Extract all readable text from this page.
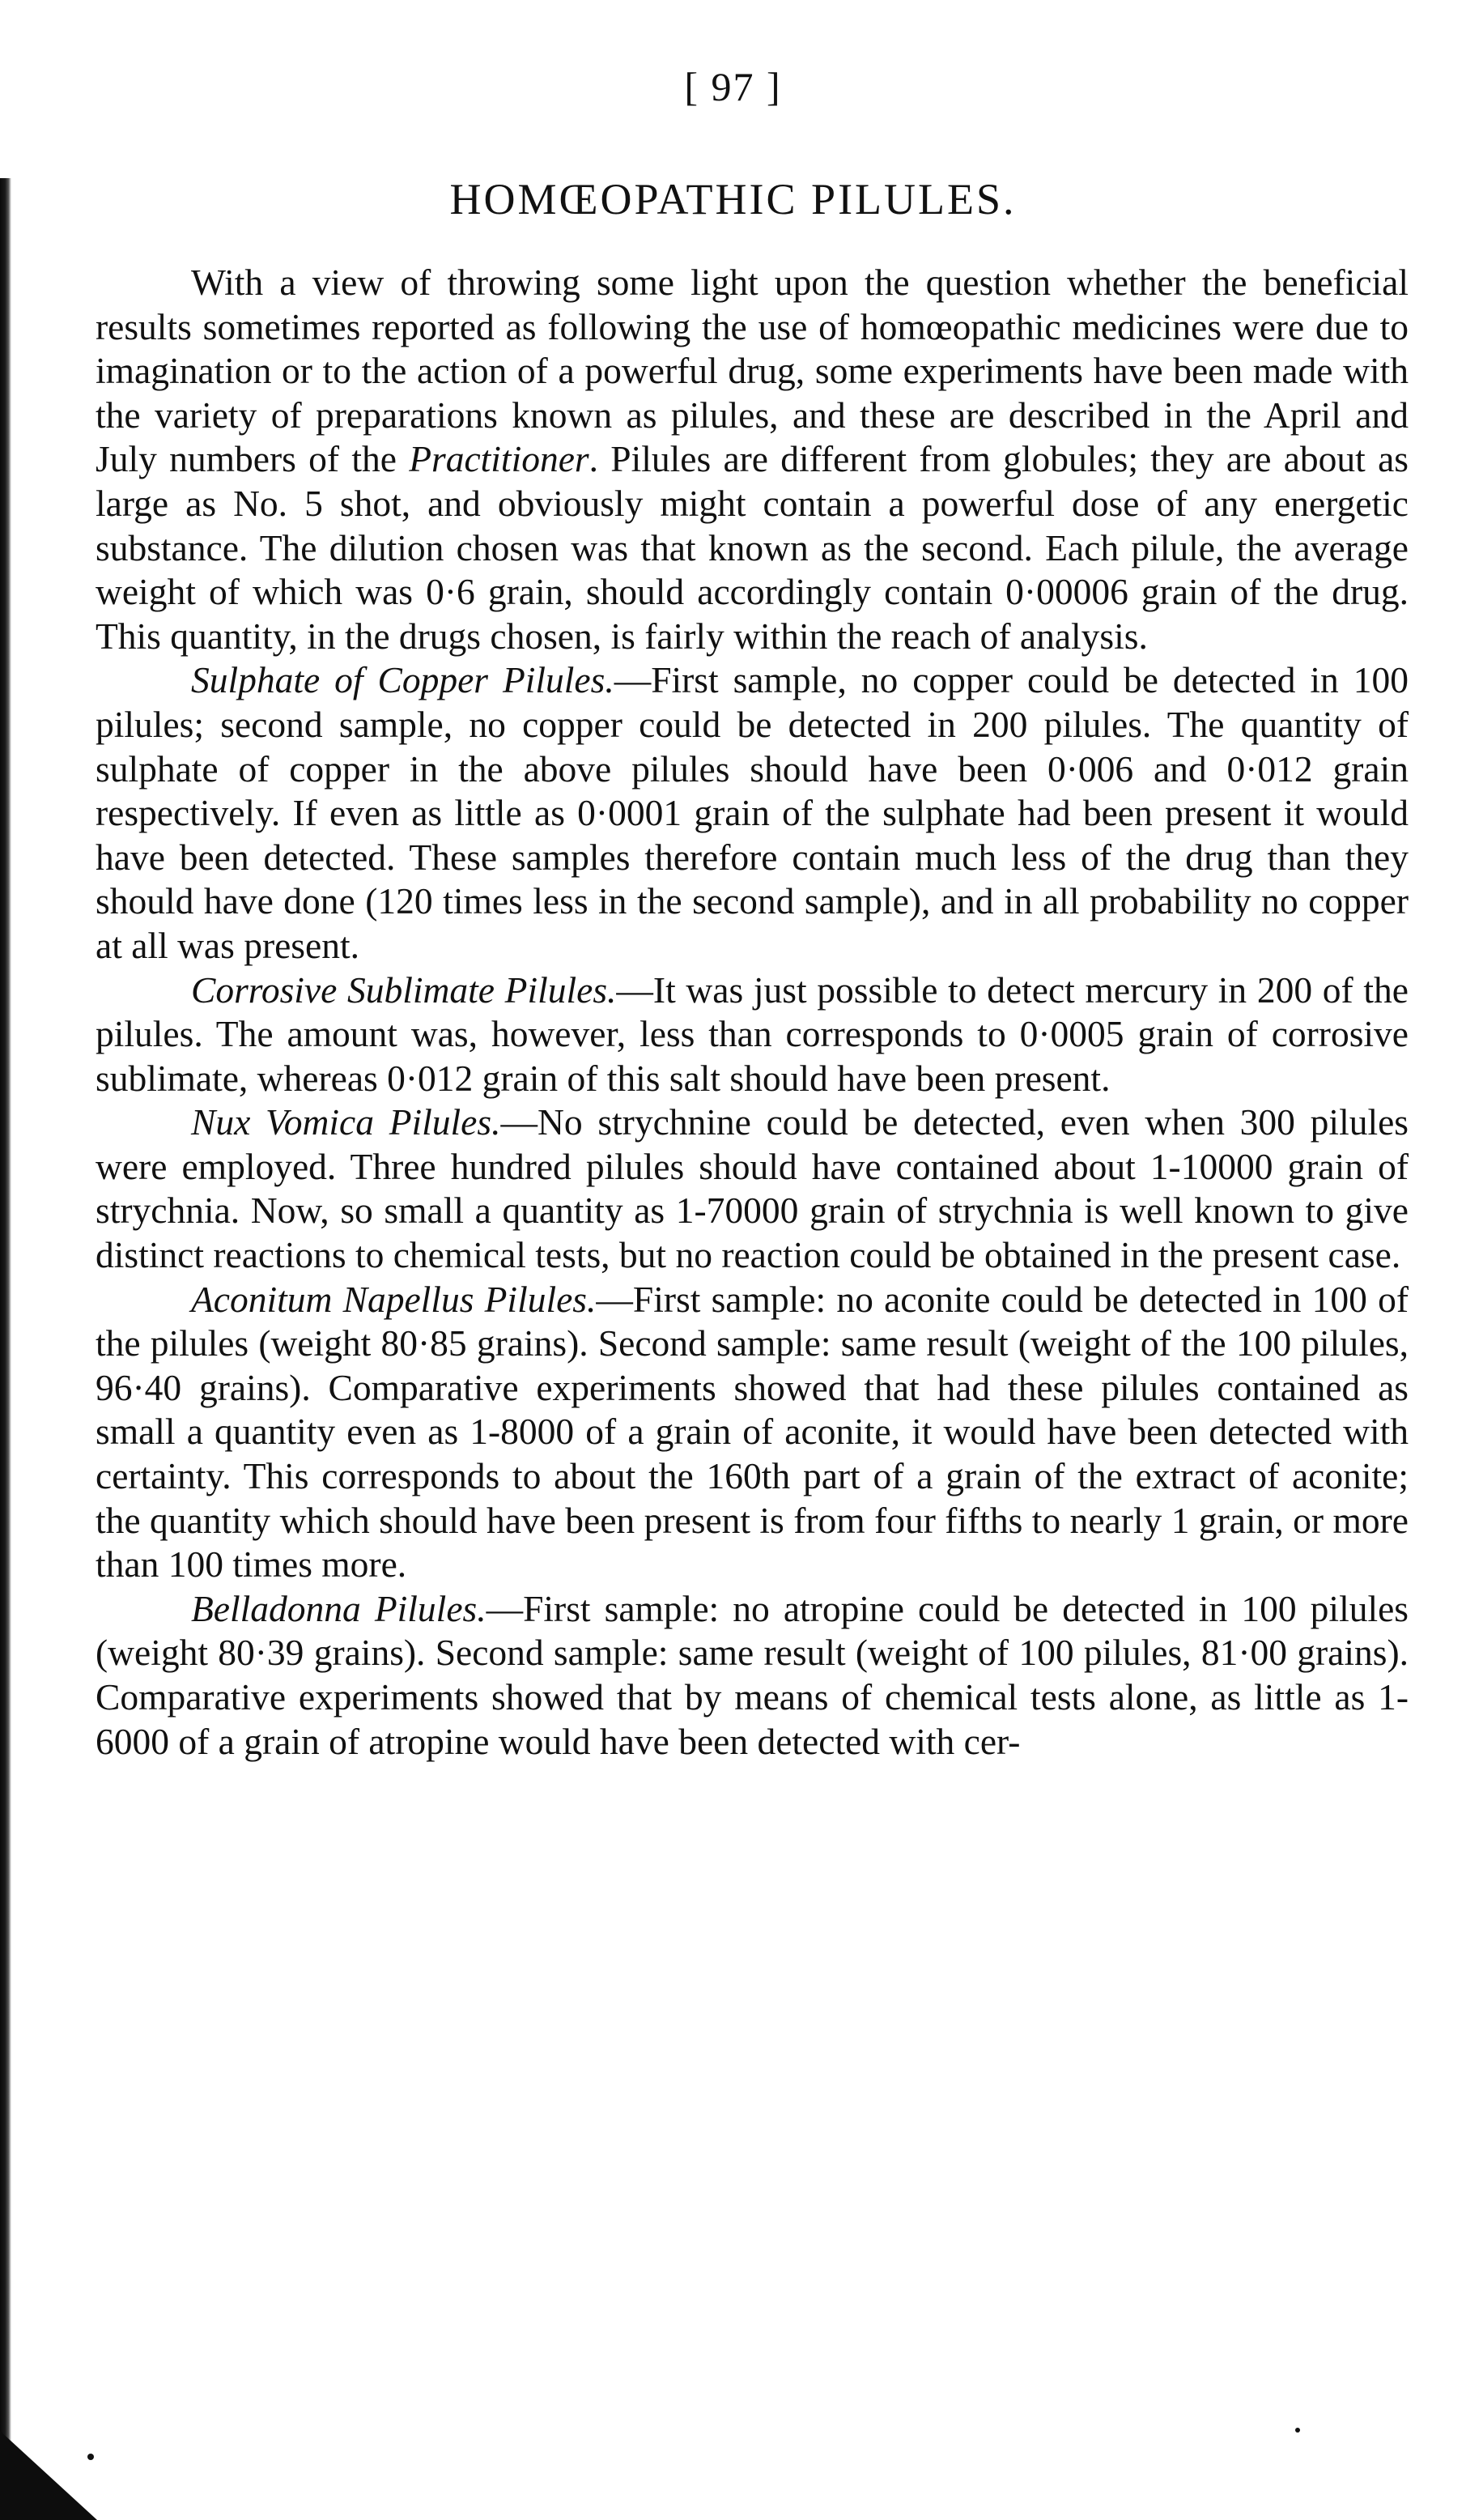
[ 97 ]
HOMŒOPATHIC PILULES.

With a view of throwing some light upon the question whether the beneficial results sometimes reported as following the use of homœopathic medicines were due to imagination or to the action of a powerful drug, some experiments have been made with the variety of preparations known as pilules, and these are described in the April and July numbers of the Practitioner. Pilules are different from globules; they are about as large as No. 5 shot, and obviously might contain a powerful dose of any energetic substance. The dilution chosen was that known as the second. Each pilule, the average weight of which was 0·6 grain, should accordingly contain 0·00006 grain of the drug. This quantity, in the drugs chosen, is fairly within the reach of analysis.

Sulphate of Copper Pilules.—First sample, no copper could be detected in 100 pilules; second sample, no copper could be detected in 200 pilules. The quantity of sulphate of copper in the above pilules should have been 0·006 and 0·012 grain respectively. If even as little as 0·0001 grain of the sulphate had been present it would have been detected. These samples therefore contain much less of the drug than they should have done (120 times less in the second sample), and in all probability no copper at all was present.

Corrosive Sublimate Pilules.—It was just possible to detect mercury in 200 of the pilules. The amount was, however, less than corresponds to 0·0005 grain of corrosive sublimate, whereas 0·012 grain of this salt should have been present.

Nux Vomica Pilules.—No strychnine could be detected, even when 300 pilules were employed. Three hundred pilules should have contained about 1-10000 grain of strychnia. Now, so small a quantity as 1-70000 grain of strychnia is well known to give distinct reactions to chemical tests, but no reaction could be obtained in the present case.

Aconitum Napellus Pilules.—First sample: no aconite could be detected in 100 of the pilules (weight 80·85 grains). Second sample: same result (weight of the 100 pilules, 96·40 grains). Comparative experiments showed that had these pilules contained as small a quantity even as 1-8000 of a grain of aconite, it would have been detected with certainty. This corresponds to about the 160th part of a grain of the extract of aconite; the quantity which should have been present is from four fifths to nearly 1 grain, or more than 100 times more.

Belladonna Pilules.—First sample: no atropine could be detected in 100 pilules (weight 80·39 grains). Second sample: same result (weight of 100 pilules, 81·00 grains). Comparative experiments showed that by means of chemical tests alone, as little as 1-6000 of a grain of atropine would have been detected with cer-
